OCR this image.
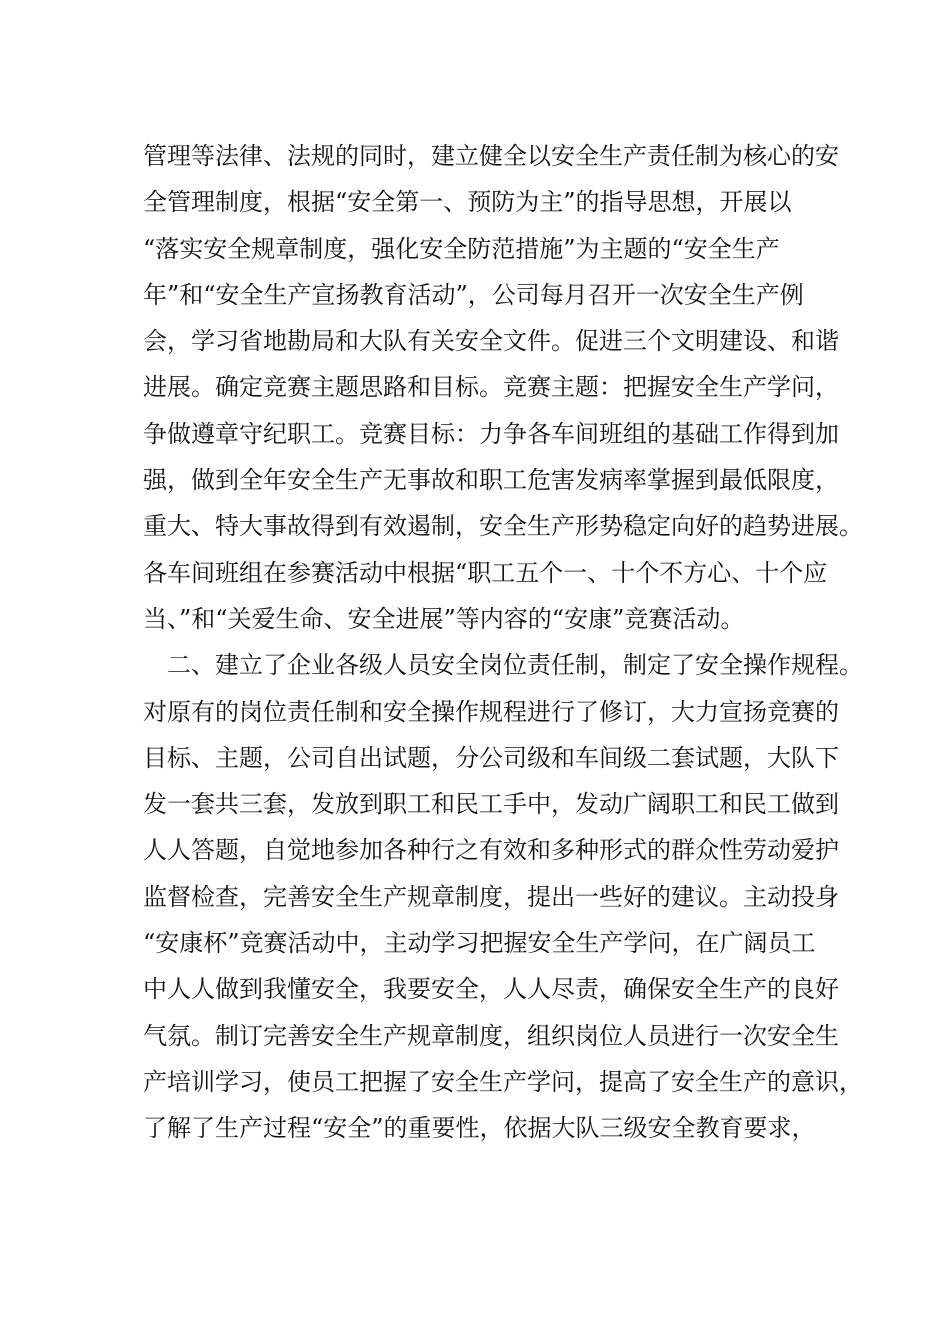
管理等法律、法规的同时，建立健全以安全生产责任制为核心的安
全管理制度，根据“安全第一、预防为主”的指导思想，开展以
“落实安全规章制度，强化安全防范措施”为主题的“安全生产
年”和“安全生产宣扬教育活动”，公司每月召开一次安全生产例
会，学习省地勘局和大队有关安全文件。促进三个文明建设、和谐
进展。确定竞赛主题思路和目标。竞赛主题：把握安全生产学问，
争做遵章守纪职工。竞赛目标：力争各车间班组的基础工作得到加
强，做到全年安全生产无事故和职工危害发病率掌握到最低限度，
重大、特大事故得到有效遏制，安全生产形势稳定向好的趋势进展。
各车间班组在参赛活动中根据“职工五个一、十个不方心、十个应
当、”和“关爱生命、安全进展”等内容的“安康”竞赛活动。
二、建立了企业各级人员安全岗位责任制，制定了安全操作规程。
对原有的岗位责任制和安全操作规程进行了修订，大力宣扬竞赛的
目标、主题，公司自出试题，分公司级和车间级二套试题，大队下
发一套共三套，发放到职工和民工手中，发动广阔职工和民工做到
人人答题，自觉地参加各种行之有效和多种形式的群众性劳动爱护
监督检查，完善安全生产规章制度，提出一些好的建议。主动投身
“安康杯”竞赛活动中，主动学习把握安全生产学问，在广阔员工
中人人做到我懂安全，我要安全，人人尽责，确保安全生产的良好
气氛。制订完善安全生产规章制度，组织岗位人员进行一次安全生
产培训学习，使员工把握了安全生产学问，提高了安全生产的意识，
了解了生产过程“安全”的重要性，依据大队三级安全教育要求，
